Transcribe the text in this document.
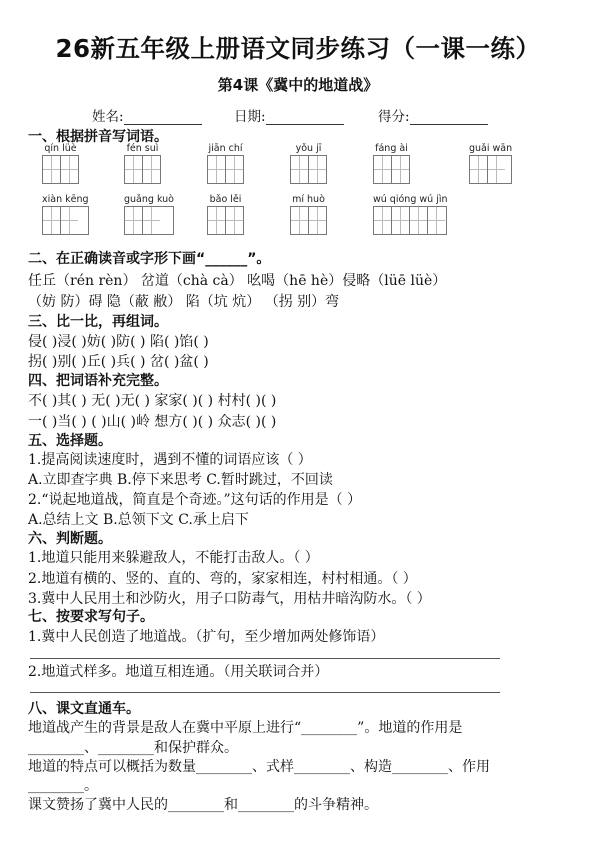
26新五年级上册语文同步练习（一课一练）
第4课《冀中的地道战》
姓名:	日期:	得分:
一、根据拼音写词语。
qín lüè	fén suì	jiān chí	yǒu jī	fáng ài	guǎi wān
xiàn kēng	guǎng kuò	bǎo lěi	mí huò	wú qióng wú jìn
二、在正确读音或字形下画“______”。
任丘（rén rèn） 岔道（chà cà） 吆喝（hē hè）侵略（lüē lüè）
（妨 防）碍 隐（蔽 敝） 陷（坑 炕） （拐 别）弯
三、比一比，再组词。
侵( )浸( )妨( )防( ) 陷( )馅( )
拐( )别( )丘( )兵( ) 岔( )盆( )
四、把词语补充完整。
不( )其( ) 无( )无( ) 家家( )( ) 村村( )( )
一( )当( ) ( )山( )岭 想方( )( ) 众志( )( )
五、选择题。
1.提高阅读速度时，遇到不懂的词语应该（ ）
A.立即查字典 B.停下来思考 C.暂时跳过，不回读
2.“说起地道战，简直是个奇迹。”这句话的作用是（ ）
A.总结上文 B.总领下文 C.承上启下
六、判断题。
1.地道只能用来躲避敌人，不能打击敌人。（ ）
2.地道有横的、竖的、直的、弯的，家家相连，村村相通。（ ）
3.冀中人民用土和沙防火，用子口防毒气，用枯井暗沟防水。（ ）
七、按要求写句子。
1.冀中人民创造了地道战。（扩句，至少增加两处修饰语）
2.地道式样多。地道互相连通。（用关联词合并）
八、课文直通车。
地道战产生的背景是敌人在冀中平原上进行“________”。地道的作用是
________、________和保护群众。
地道的特点可以概括为数量________、式样________、构造________、作用
________。
课文赞扬了冀中人民的________和________的斗争精神。
